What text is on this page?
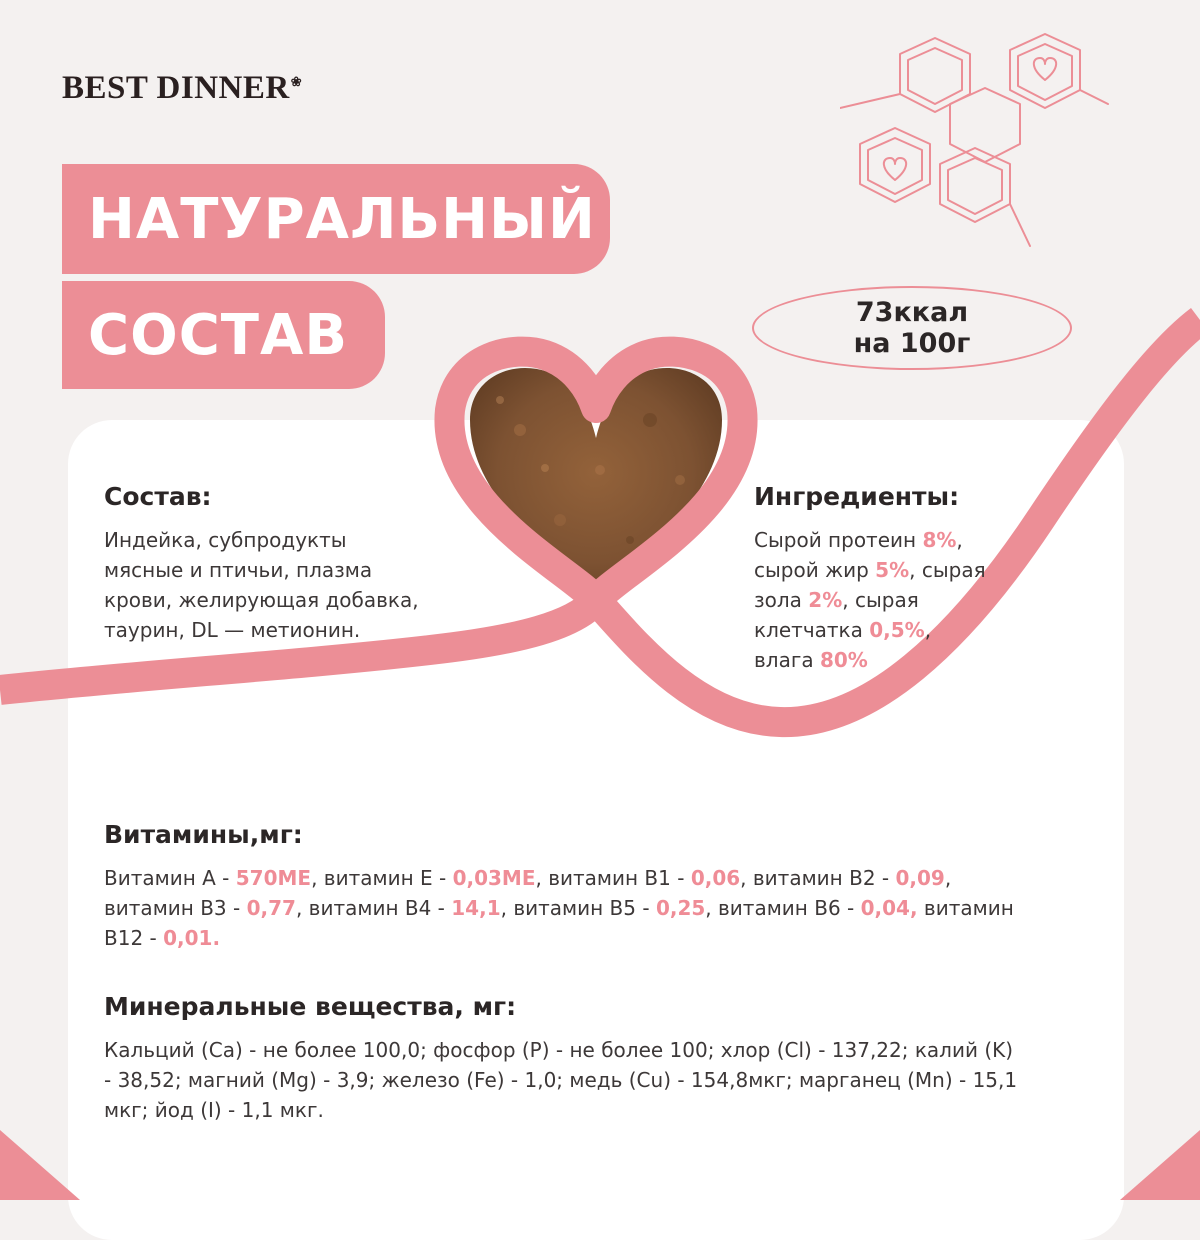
BEST DINNER❀
НАТУРАЛЬНЫЙ
СОСТАВ	73ккал
на 100г
Состав:
Индейка, субпродукты
мясные и птичьи, плазма
крови, желирующая добавка,
таурин, DL — метионин.
Ингредиенты:
Сырой протеин 8%,
сырой жир 5%, сырая
зола 2%, сырая
клетчатка 0,5%,
влага 80%
Витамины,мг:
Витамин А - 570МЕ, витамин Е - 0,03МЕ, витамин В1 - 0,06, витамин В2 - 0,09,
витамин В3 - 0,77, витамин В4 - 14,1, витамин В5 - 0,25, витамин В6 - 0,04, витамин
В12 - 0,01.
Минеральные вещества, мг:
Кальций (Ca) - не более 100,0; фосфор (P) - не более 100; хлор (Cl) - 137,22; калий (K)
- 38,52; магний (Mg) - 3,9; железо (Fe) - 1,0; медь (Cu) - 154,8мкг; марганец (Mn) - 15,1
мкг; йод (I) - 1,1 мкг.
